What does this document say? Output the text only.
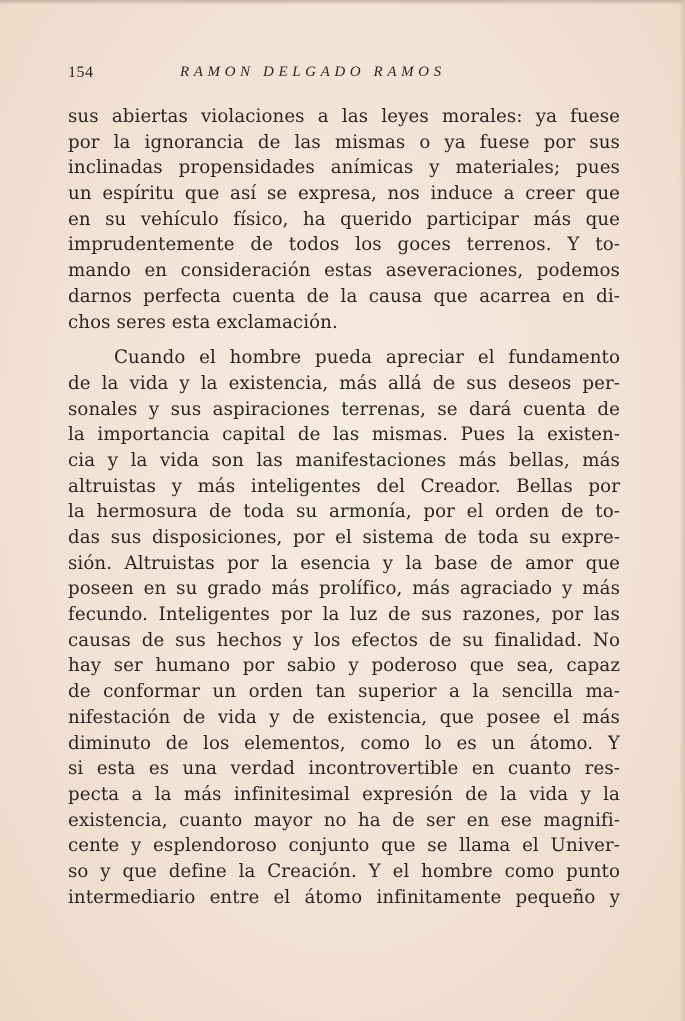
154	RAMON DELGADO RAMOS
sus abiertas violaciones a las leyes morales: ya fuese
por la ignorancia de las mismas o ya fuese por sus
inclinadas propensidades anímicas y materiales; pues
un espíritu que así se expresa, nos induce a creer que
en su vehículo físico, ha querido participar más que
imprudentemente de todos los goces terrenos. Y to-
mando en consideración estas aseveraciones, podemos
darnos perfecta cuenta de la causa que acarrea en di-
chos seres esta exclamación.
Cuando el hombre pueda apreciar el fundamento
de la vida y la existencia, más allá de sus deseos per-
sonales y sus aspiraciones terrenas, se dará cuenta de
la importancia capital de las mismas. Pues la existen-
cia y la vida son las manifestaciones más bellas, más
altruistas y más inteligentes del Creador. Bellas por
la hermosura de toda su armonía, por el orden de to-
das sus disposiciones, por el sistema de toda su expre-
sión. Altruistas por la esencia y la base de amor que
poseen en su grado más prolífico, más agraciado y más
fecundo. Inteligentes por la luz de sus razones, por las
causas de sus hechos y los efectos de su finalidad. No
hay ser humano por sabio y poderoso que sea, capaz
de conformar un orden tan superior a la sencilla ma-
nifestación de vida y de existencia, que posee el más
diminuto de los elementos, como lo es un átomo. Y
si esta es una verdad incontrovertible en cuanto res-
pecta a la más infinitesimal expresión de la vida y la
existencia, cuanto mayor no ha de ser en ese magnifi-
cente y esplendoroso conjunto que se llama el Univer-
so y que define la Creación. Y el hombre como punto
intermediario entre el átomo infinitamente pequeño y
